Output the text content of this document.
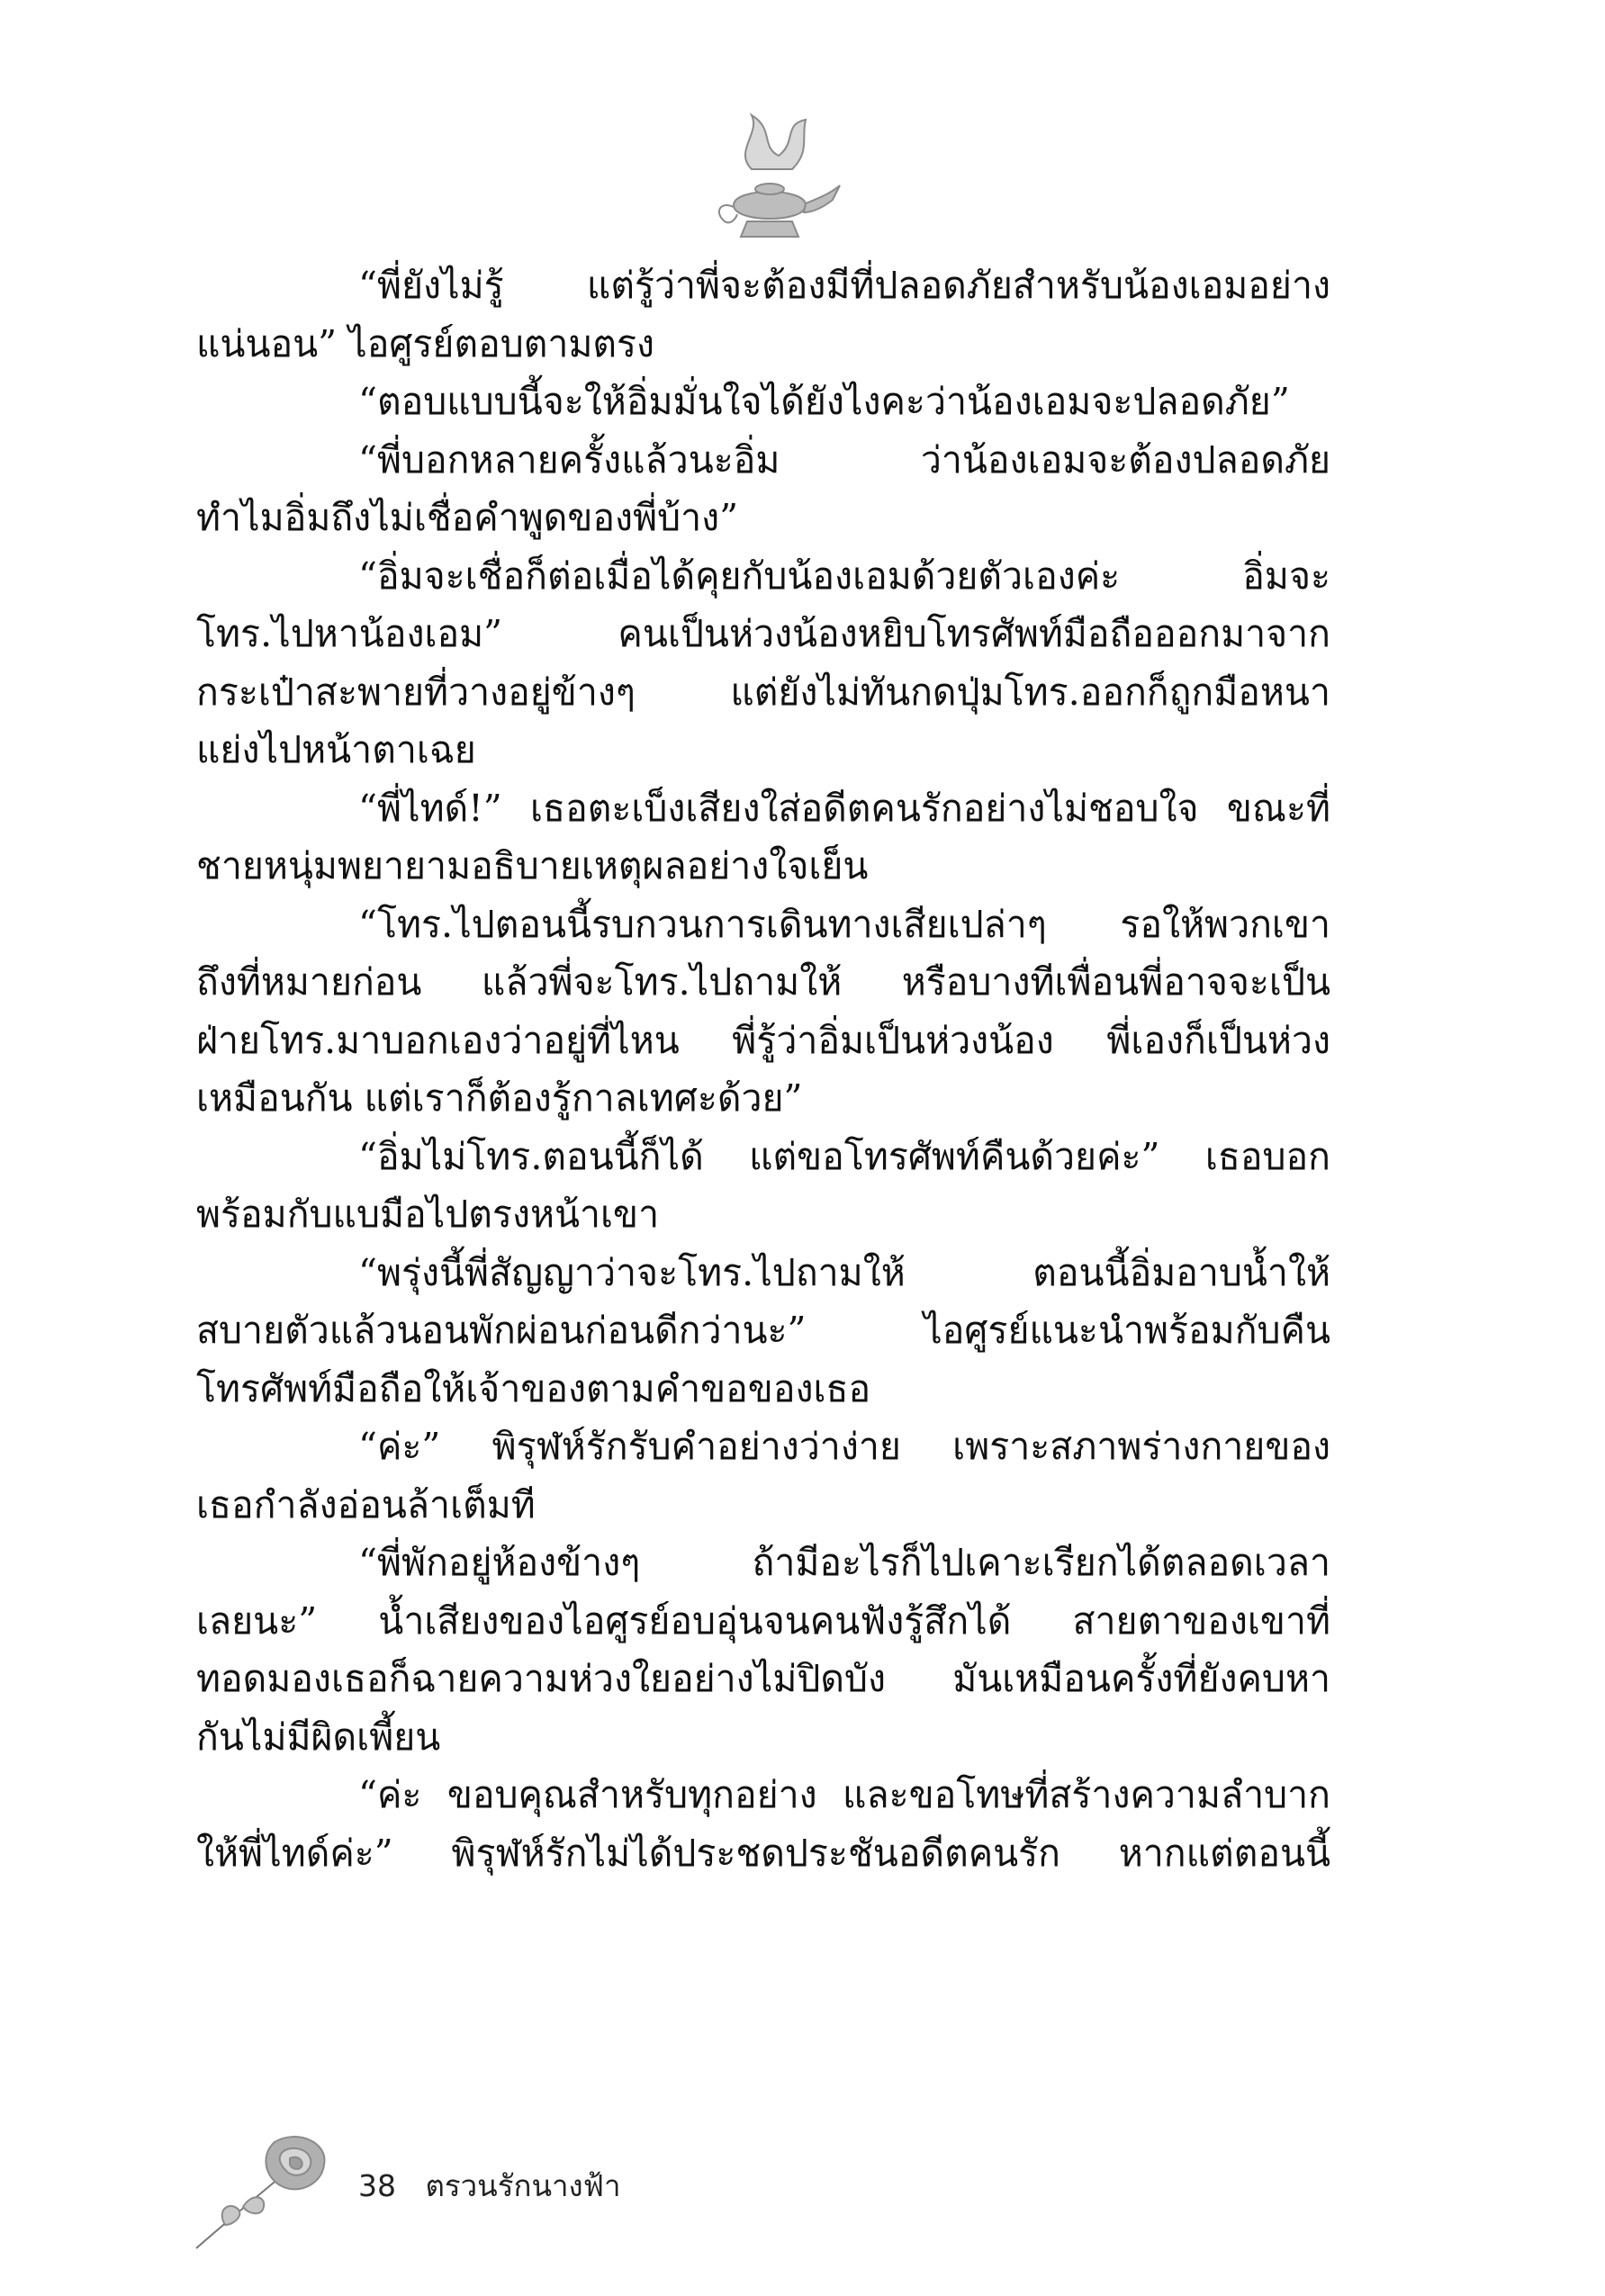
“พี่ยังไม่รู้ แต่รู้ว่าพี่จะต้องมีที่ปลอดภัยสำหรับน้องเอมอย่าง
แน่นอน” ไอศูรย์ตอบตามตรง
“ตอบแบบนี้จะให้อิ่มมั่นใจได้ยังไงคะว่าน้องเอมจะปลอดภัย”
“พี่บอกหลายครั้งแล้วนะอิ่ม ว่าน้องเอมจะต้องปลอดภัย
ทำไมอิ่มถึงไม่เชื่อคำพูดของพี่บ้าง”
“อิ่มจะเชื่อก็ต่อเมื่อได้คุยกับน้องเอมด้วยตัวเองค่ะ อิ่มจะ
โทร.ไปหาน้องเอม” คนเป็นห่วงน้องหยิบโทรศัพท์มือถือออกมาจาก
กระเป๋าสะพายที่วางอยู่ข้างๆ แต่ยังไม่ทันกดปุ่มโทร.ออกก็ถูกมือหนา
แย่งไปหน้าตาเฉย
“พี่ไทด์!” เธอตะเบ็งเสียงใส่อดีตคนรักอย่างไม่ชอบใจ ขณะที่
ชายหนุ่มพยายามอธิบายเหตุผลอย่างใจเย็น
“โทร.ไปตอนนี้รบกวนการเดินทางเสียเปล่าๆ รอให้พวกเขา
ถึงที่หมายก่อน แล้วพี่จะโทร.ไปถามให้ หรือบางทีเพื่อนพี่อาจจะเป็น
ฝ่ายโทร.มาบอกเองว่าอยู่ที่ไหน พี่รู้ว่าอิ่มเป็นห่วงน้อง พี่เองก็เป็นห่วง
เหมือนกัน แต่เราก็ต้องรู้กาลเทศะด้วย”
“อิ่มไม่โทร.ตอนนี้ก็ได้ แต่ขอโทรศัพท์คืนด้วยค่ะ” เธอบอก
พร้อมกับแบมือไปตรงหน้าเขา
“พรุ่งนี้พี่สัญญาว่าจะโทร.ไปถามให้ ตอนนี้อิ่มอาบน้ำให้
สบายตัวแล้วนอนพักผ่อนก่อนดีกว่านะ” ไอศูรย์แนะนำพร้อมกับคืน
โทรศัพท์มือถือให้เจ้าของตามคำขอของเธอ
“ค่ะ” พิรุฬห์รักรับคำอย่างว่าง่าย เพราะสภาพร่างกายของ
เธอกำลังอ่อนล้าเต็มที
“พี่พักอยู่ห้องข้างๆ ถ้ามีอะไรก็ไปเคาะเรียกได้ตลอดเวลา
เลยนะ” น้ำเสียงของไอศูรย์อบอุ่นจนคนฟังรู้สึกได้ สายตาของเขาที่
ทอดมองเธอก็ฉายความห่วงใยอย่างไม่ปิดบัง มันเหมือนครั้งที่ยังคบหา
กันไม่มีผิดเพี้ยน
“ค่ะ ขอบคุณสำหรับทุกอย่าง และขอโทษที่สร้างความลำบาก
ให้พี่ไทด์ค่ะ” พิรุฬห์รักไม่ได้ประชดประชันอดีตคนรัก หากแต่ตอนนี้
38 ตรวนรักนางฟ้า
